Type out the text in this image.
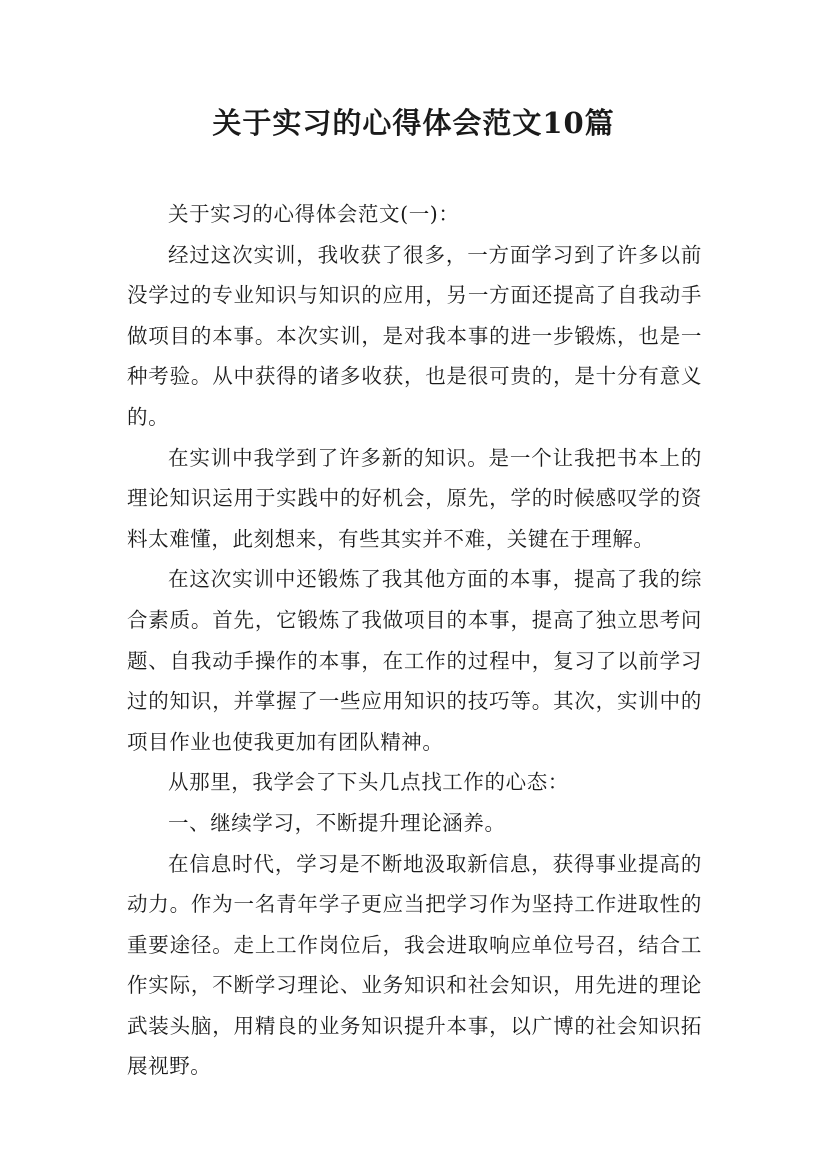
关于实习的心得体会范文10篇

关于实习的心得体会范文(一)：

经过这次实训，我收获了很多，一方面学习到了许多以前没学过的专业知识与知识的应用，另一方面还提高了自我动手做项目的本事。本次实训，是对我本事的进一步锻炼，也是一种考验。从中获得的诸多收获，也是很可贵的，是十分有意义的。

在实训中我学到了许多新的知识。是一个让我把书本上的理论知识运用于实践中的好机会，原先，学的时候感叹学的资料太难懂，此刻想来，有些其实并不难，关键在于理解。

在这次实训中还锻炼了我其他方面的本事，提高了我的综合素质。首先，它锻炼了我做项目的本事，提高了独立思考问题、自我动手操作的本事，在工作的过程中，复习了以前学习过的知识，并掌握了一些应用知识的技巧等。其次，实训中的项目作业也使我更加有团队精神。

从那里，我学会了下头几点找工作的心态：

一、继续学习，不断提升理论涵养。

在信息时代，学习是不断地汲取新信息，获得事业提高的动力。作为一名青年学子更应当把学习作为坚持工作进取性的重要途径。走上工作岗位后，我会进取响应单位号召，结合工作实际，不断学习理论、业务知识和社会知识，用先进的理论武装头脑，用精良的业务知识提升本事，以广博的社会知识拓展视野。
